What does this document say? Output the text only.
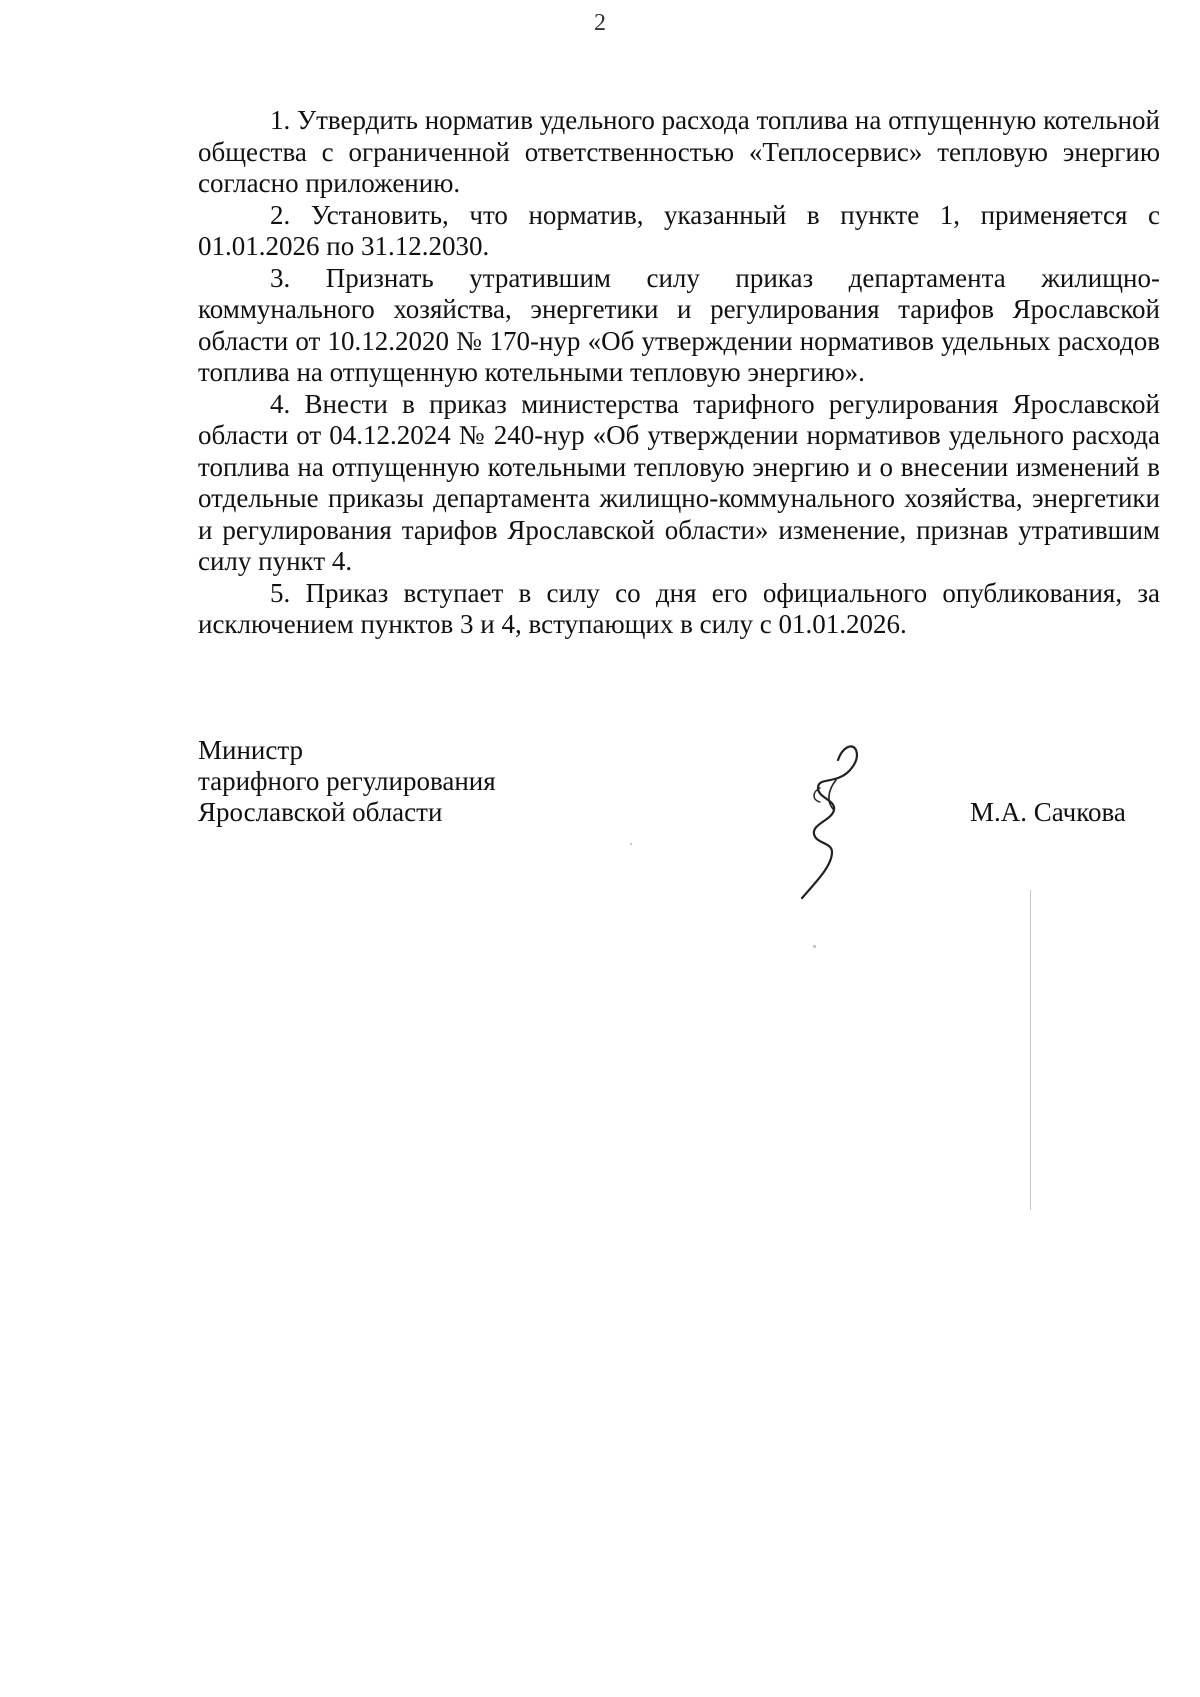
2

1. Утвердить норматив удельного расхода топлива на отпущенную котельной общества с ограниченной ответственностью «Теплосервис» тепловую энергию согласно приложению.

2. Установить, что норматив, указанный в пункте 1, применяется с 01.01.2026 по 31.12.2030.

3. Признать утратившим силу приказ департамента жилищно-коммунального хозяйства, энергетики и регулирования тарифов Ярославской области от 10.12.2020 № 170-нур «Об утверждении нормативов удельных расходов топлива на отпущенную котельными тепловую энергию».

4. Внести в приказ министерства тарифного регулирования Ярославской области от 04.12.2024 № 240-нур «Об утверждении нормативов удельного расхода топлива на отпущенную котельными тепловую энергию и о внесении изменений в отдельные приказы департамента жилищно-коммунального хозяйства, энергетики и регулирования тарифов Ярославской области» изменение, признав утратившим силу пункт 4.

5. Приказ вступает в силу со дня его официального опубликования, за исключением пунктов 3 и 4, вступающих в силу с 01.01.2026.

Министр
тарифного регулирования
Ярославской области	М.А. Сачкова
